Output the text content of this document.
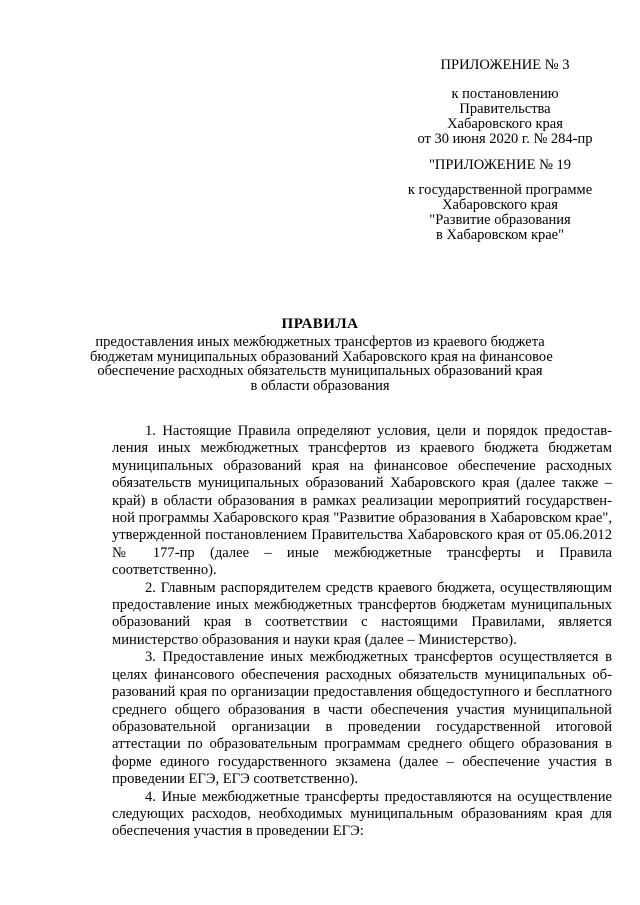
ПРИЛОЖЕНИЕ № 3
к постановлению
Правительства
Хабаровского края
от 30 июня 2020 г. № 284-пр
"ПРИЛОЖЕНИЕ № 19
к государственной программе
Хабаровского края
"Развитие образования
в Хабаровском крае"
ПРАВИЛА
предоставления иных межбюджетных трансфертов из краевого бюджета
бюджетам муниципальных образований Хабаровского края на финансовое
обеспечение расходных обязательств муниципальных образований края
в области образования

1. Настоящие Правила определяют условия, цели и порядок предоставления иных межбюджетных трансфертов из краевого бюджета бюджетам муниципальных образований края на финансовое обеспечение расходных обязательств муниципальных образований Хабаровского края (далее также – край) в области образования в рамках реализации мероприятий государственной программы Хабаровского края "Развитие образования в Хабаровском крае", утвержденной постановлением Правительства Хабаровского края от 05.06.2012 № 177-пр (далее – иные межбюджетные трансферты и Правила соответственно).

2. Главным распорядителем средств краевого бюджета, осуществляющим предоставление иных межбюджетных трансфертов бюджетам муниципальных образований края в соответствии с настоящими Правилами, является министерство образования и науки края (далее – Министерство).

3. Предоставление иных межбюджетных трансфертов осуществляется в целях финансового обеспечения расходных обязательств муниципальных образований края по организации предоставления общедоступного и бесплатного среднего общего образования в части обеспечения участия муниципальной образовательной организации в проведении государственной итоговой аттестации по образовательным программам среднего общего образования в форме единого государственного экзамена (далее – обеспечение участия в проведении ЕГЭ, ЕГЭ соответственно).

4. Иные межбюджетные трансферты предоставляются на осуществление следующих расходов, необходимых муниципальным образованиям края для обеспечения участия в проведении ЕГЭ:
